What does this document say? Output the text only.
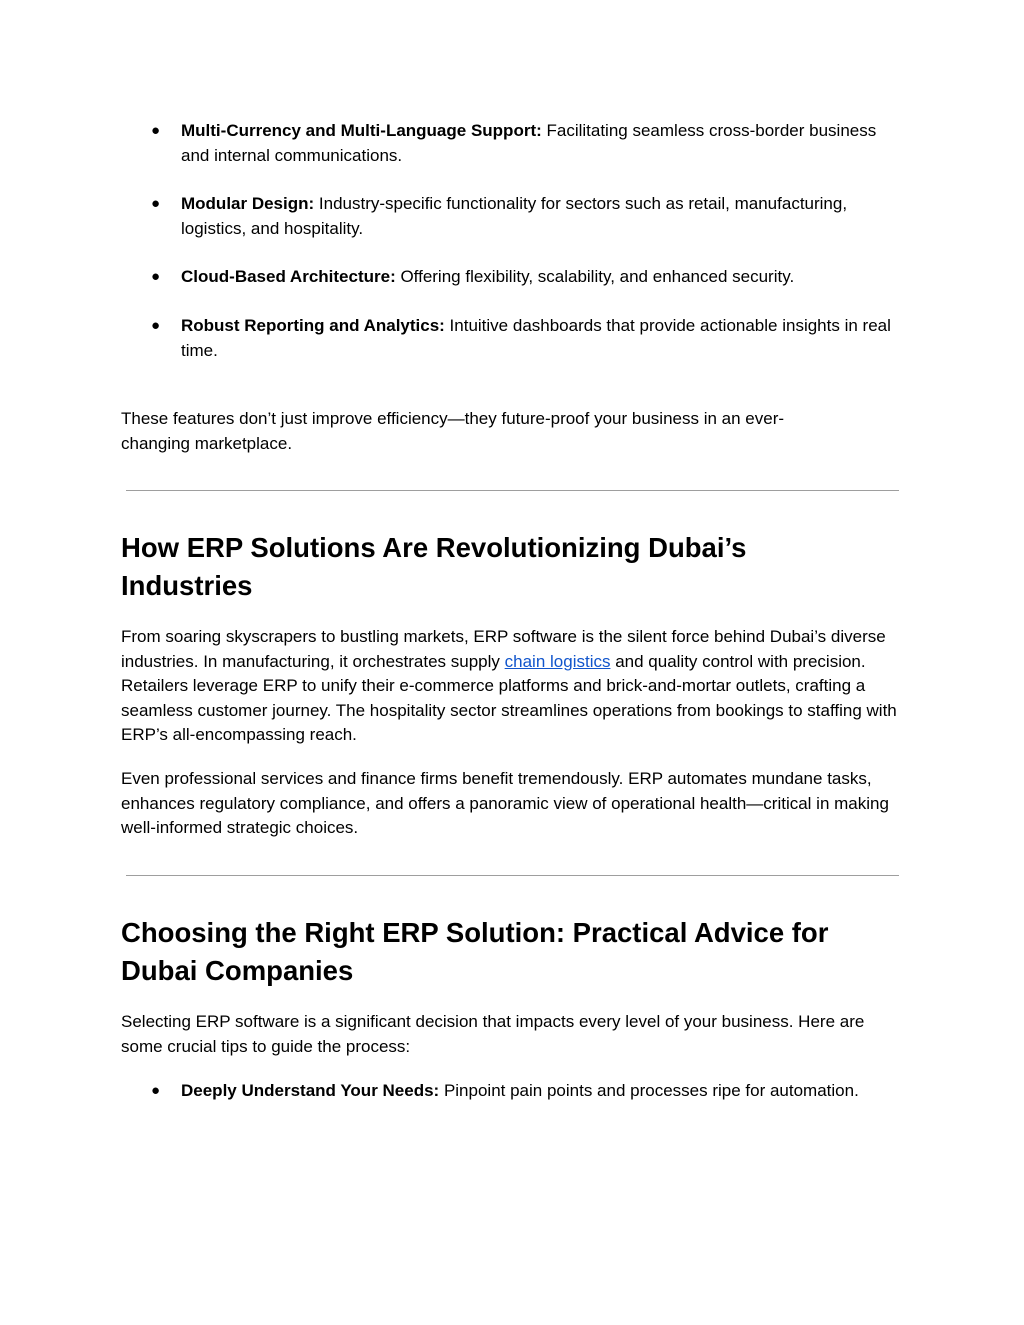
● Multi-Currency and Multi-Language Support: Facilitating seamless cross-border business and internal communications.
● Modular Design: Industry-specific functionality for sectors such as retail, manufacturing, logistics, and hospitality.
● Cloud-Based Architecture: Offering flexibility, scalability, and enhanced security.
● Robust Reporting and Analytics: Intuitive dashboards that provide actionable insights in real time.

These features don’t just improve efficiency—they future-proof your business in an ever-changing marketplace.

How ERP Solutions Are Revolutionizing Dubai’s Industries

From soaring skyscrapers to bustling markets, ERP software is the silent force behind Dubai’s diverse industries. In manufacturing, it orchestrates supply chain logistics and quality control with precision. Retailers leverage ERP to unify their e-commerce platforms and brick-and-mortar outlets, crafting a seamless customer journey. The hospitality sector streamlines operations from bookings to staffing with ERP’s all-encompassing reach.

Even professional services and finance firms benefit tremendously. ERP automates mundane tasks, enhances regulatory compliance, and offers a panoramic view of operational health—critical in making well-informed strategic choices.

Choosing the Right ERP Solution: Practical Advice for Dubai Companies

Selecting ERP software is a significant decision that impacts every level of your business. Here are some crucial tips to guide the process:

● Deeply Understand Your Needs: Pinpoint pain points and processes ripe for automation.
